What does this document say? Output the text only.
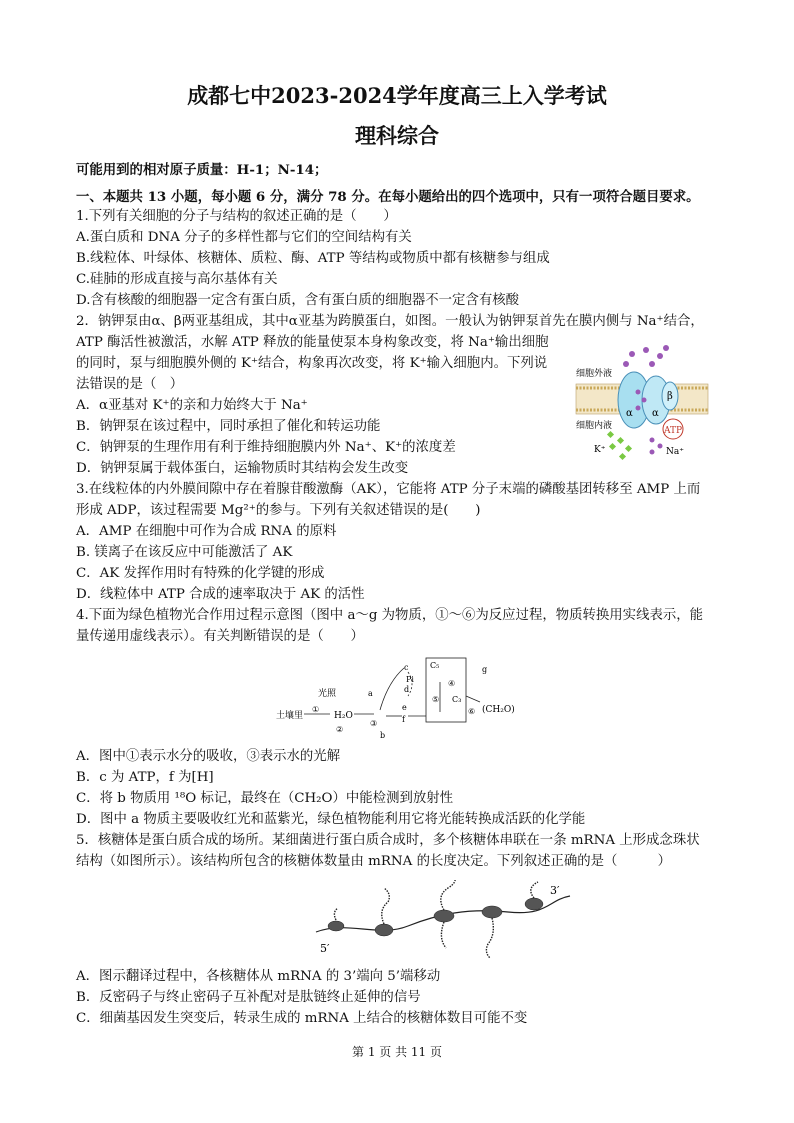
成都七中2023-2024学年度高三上入学考试
理科综合
可能用到的相对原子质量：H-1；N-14；
一、本题共 13 小题，每小题 6 分，满分 78 分。在每小题给出的四个选项中，只有一项符合题目要求。
1.下列有关细胞的分子与结构的叙述正确的是（　　）
A.蛋白质和 DNA 分子的多样性都与它们的空间结构有关
B.线粒体、叶绿体、核糖体、质粒、酶、ATP 等结构或物质中都有核糖参与组成
C.硅肺的形成直接与高尔基体有关
D.含有核酸的细胞器一定含有蛋白质，含有蛋白质的细胞器不一定含有核酸
2．钠钾泵由α、β两亚基组成，其中α亚基为跨膜蛋白，如图。一般认为钠钾泵首先在膜内侧与 Na⁺结合，
ATP 酶活性被激活，水解 ATP 释放的能量使泵本身构象改变，将 Na⁺输出细胞
的同时，泵与细胞膜外侧的 K⁺结合，构象再次改变，将 K⁺输入细胞内。下列说
法错误的是（　）
A．α亚基对 K⁺的亲和力始终大于 Na⁺
B．钠钾泵在该过程中，同时承担了催化和转运功能
C．钠钾泵的生理作用有利于维持细胞膜内外 Na⁺、K⁺的浓度差
D．钠钾泵属于载体蛋白，运输物质时其结构会发生改变
细胞外液
细胞内液
α α
β
ATP
K⁺	Na⁺
3.在线粒体的内外膜间隙中存在着腺苷酸激酶（AK），它能将 ATP 分子末端的磷酸基团转移至 AMP 上而
形成 ADP，该过程需要 Mg²⁺的参与。下列有关叙述错误的是(　　)
A．AMP 在细胞中可作为合成 RNA 的原料
B. 镁离子在该反应中可能激活了 AK
C．AK 发挥作用时有特殊的化学键的形成
D．线粒体中 ATP 合成的速率取决于 AK 的活性
4.下面为绿色植物光合作用过程示意图（图中 a～g 为物质，①～⑥为反应过程，物质转换用实线表示，能
量传递用虚线表示）。有关判断错误的是（　　）
光照
土壤里
①
H₂O
a
③
b
c
Pi
d
e
f
C₅
④
C₃
⑤
g
⑥ (CH₂O)
②
A．图中①表示水分的吸收，③表示水的光解
B．c 为 ATP，f 为[H]
C．将 b 物质用 ¹⁸O 标记，最终在（CH₂O）中能检测到放射性
D．图中 a 物质主要吸收红光和蓝紫光，绿色植物能利用它将光能转换成活跃的化学能
5．核糖体是蛋白质合成的场所。某细菌进行蛋白质合成时，多个核糖体串联在一条 mRNA 上形成念珠状
结构（如图所示）。该结构所包含的核糖体数量由 mRNA 的长度决定。下列叙述正确的是（　　　）
3′
5′
A．图示翻译过程中，各核糖体从 mRNA 的 3’端向 5’端移动
B．反密码子与终止密码子互补配对是肽链终止延伸的信号
C．细菌基因发生突变后，转录生成的 mRNA 上结合的核糖体数目可能不变
第 1 页 共 11 页
